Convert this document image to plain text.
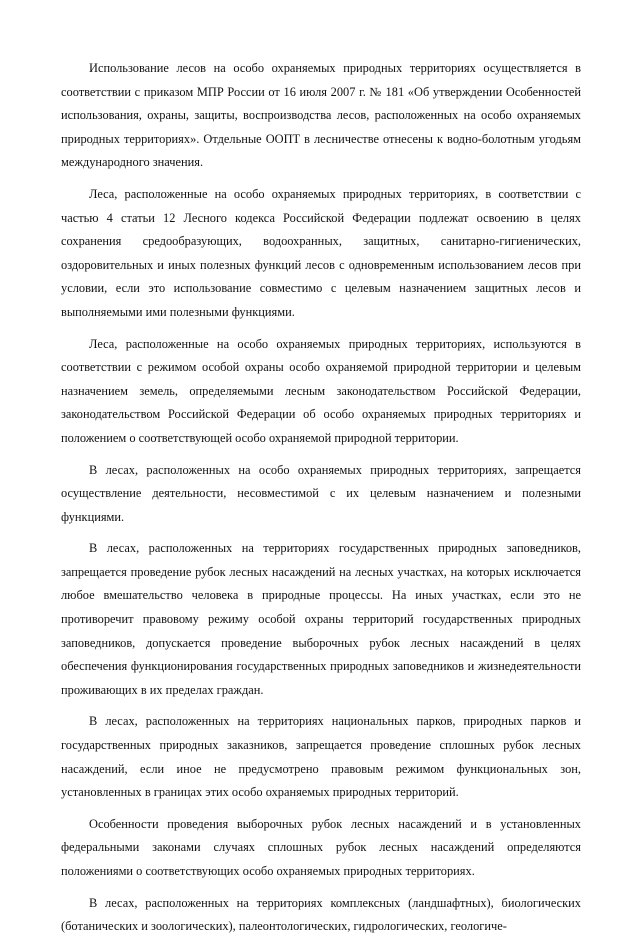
Использование лесов на особо охраняемых природных территориях осуществляется в соответствии с приказом МПР России от 16 июля 2007 г. № 181 «Об утверждении Особенностей использования, охраны, защиты, воспроизводства лесов, расположенных на особо охраняемых природных территориях». Отдельные ООПТ в лесничестве отнесены к водно-болотным угодьям международного значения.

Леса, расположенные на особо охраняемых природных территориях, в соответствии с частью 4 статьи 12 Лесного кодекса Российской Федерации подлежат освоению в целях сохранения средообразующих, водоохранных, защитных, санитарно-гигиенических, оздоровительных и иных полезных функций лесов с одновременным использованием лесов при условии, если это использование совместимо с целевым назначением защитных лесов и выполняемыми ими полезными функциями.

Леса, расположенные на особо охраняемых природных территориях, используются в соответствии с режимом особой охраны особо охраняемой природной территории и целевым назначением земель, определяемыми лесным законодательством Российской Федерации, законодательством Российской Федерации об особо охраняемых природных территориях и положением о соответствующей особо охраняемой природной территории.

В лесах, расположенных на особо охраняемых природных территориях, запрещается осуществление деятельности, несовместимой с их целевым назначением и полезными функциями.

В лесах, расположенных на территориях государственных природных заповедников, запрещается проведение рубок лесных насаждений на лесных участках, на которых исключается любое вмешательство человека в природные процессы. На иных участках, если это не противоречит правовому режиму особой охраны территорий государственных природных заповедников, допускается проведение выборочных рубок лесных насаждений в целях обеспечения функционирования государственных природных заповедников и жизнедеятельности проживающих в их пределах граждан.

В лесах, расположенных на территориях национальных парков, природных парков и государственных природных заказников, запрещается проведение сплошных рубок лесных насаждений, если иное не предусмотрено правовым режимом функциональных зон, установленных в границах этих особо охраняемых природных территорий.

Особенности проведения выборочных рубок лесных насаждений и в установленных федеральными законами случаях сплошных рубок лесных насаждений определяются положениями о соответствующих особо охраняемых природных территориях.

В лесах, расположенных на территориях комплексных (ландшафтных), биологических (ботанических и зоологических), палеонтологических, гидрологических, геологиче-
